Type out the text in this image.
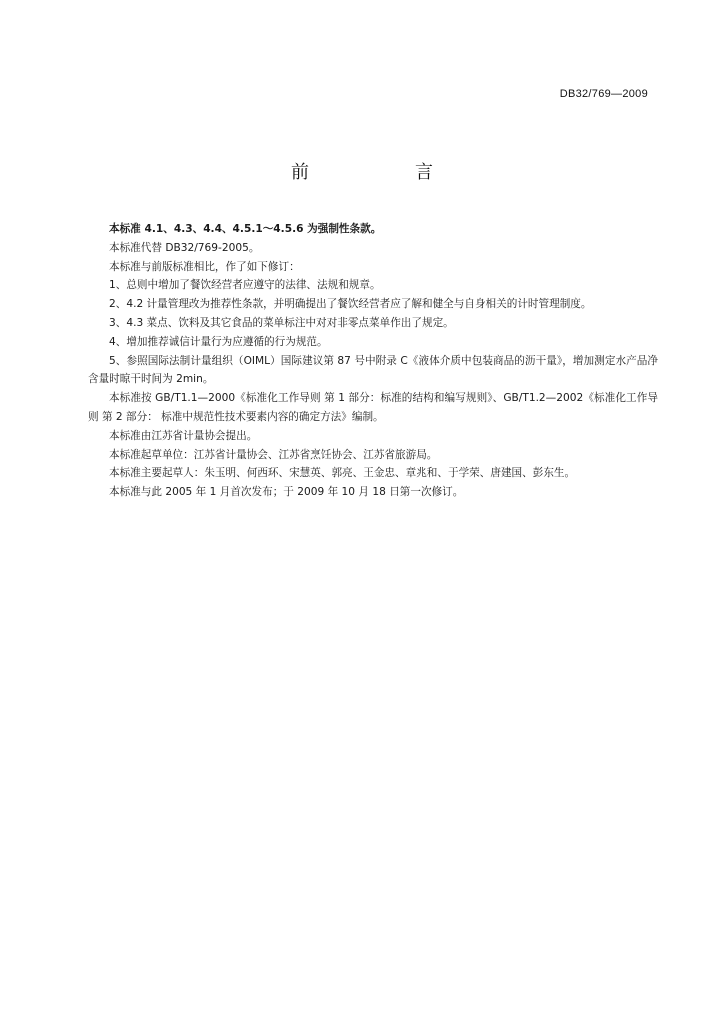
DB32/769—2009
前　言

本标准 4.1、4.3、4.4、4.5.1～4.5.6 为强制性条款。

本标准代替 DB32/769-2005。

本标准与前版标准相比，作了如下修订：

1、总则中增加了餐饮经营者应遵守的法律、法规和规章。

2、4.2 计量管理改为推荐性条款，并明确提出了餐饮经营者应了解和健全与自身相关的计时管理制度。

3、4.3 菜点、饮料及其它食品的菜单标注中对对非零点菜单作出了规定。

4、增加推荐诚信计量行为应遵循的行为规范。

5、参照国际法制计量组织（OIML）国际建议第 87 号中附录 C《液体介质中包装商品的沥干量》，增加测定水产品净含量时晾干时间为 2min。

本标准按 GB/T1.1—2000《标准化工作导则 第 1 部分：标准的结构和编写规则》、GB/T1.2—2002《标准化工作导则 第 2 部分： 标准中规范性技术要素内容的确定方法》编制。

本标准由江苏省计量协会提出。

本标准起草单位：江苏省计量协会、江苏省烹饪协会、江苏省旅游局。

本标准主要起草人：朱玉明、何西环、宋慧英、郭亮、王金忠、章兆和、于学荣、唐建国、彭东生。

本标准与此 2005 年 1 月首次发布；于 2009 年 10 月 18 日第一次修订。
